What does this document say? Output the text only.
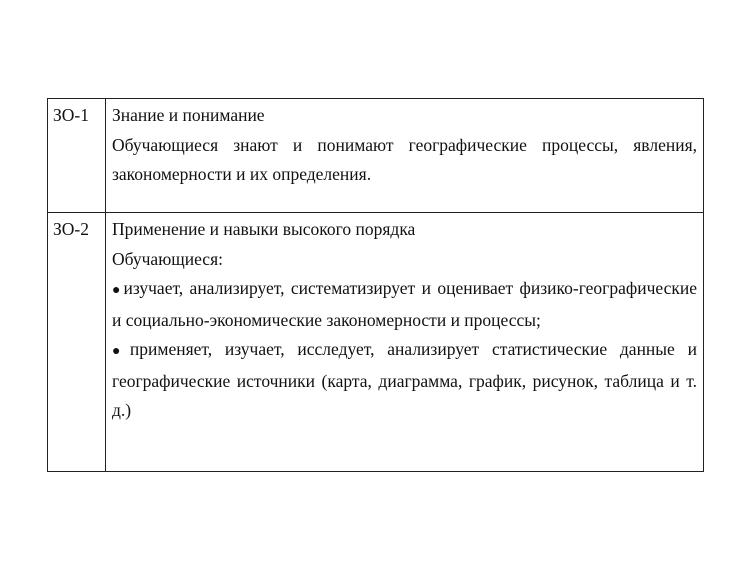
ЗО-1	Знание и понимание
Обучающиеся знают и понимают географические процессы, явления, закономерности и их определения.

ЗО-2	Применение и навыки высокого порядка
Обучающиеся:
●изучает, анализирует, систематизирует и оценивает физико-географические и социально-экономические закономерности и процессы;
●применяет, изучает, исследует, анализирует статистические данные и географические источники (карта, диаграмма, график, рисунок, таблица и т. д.)
